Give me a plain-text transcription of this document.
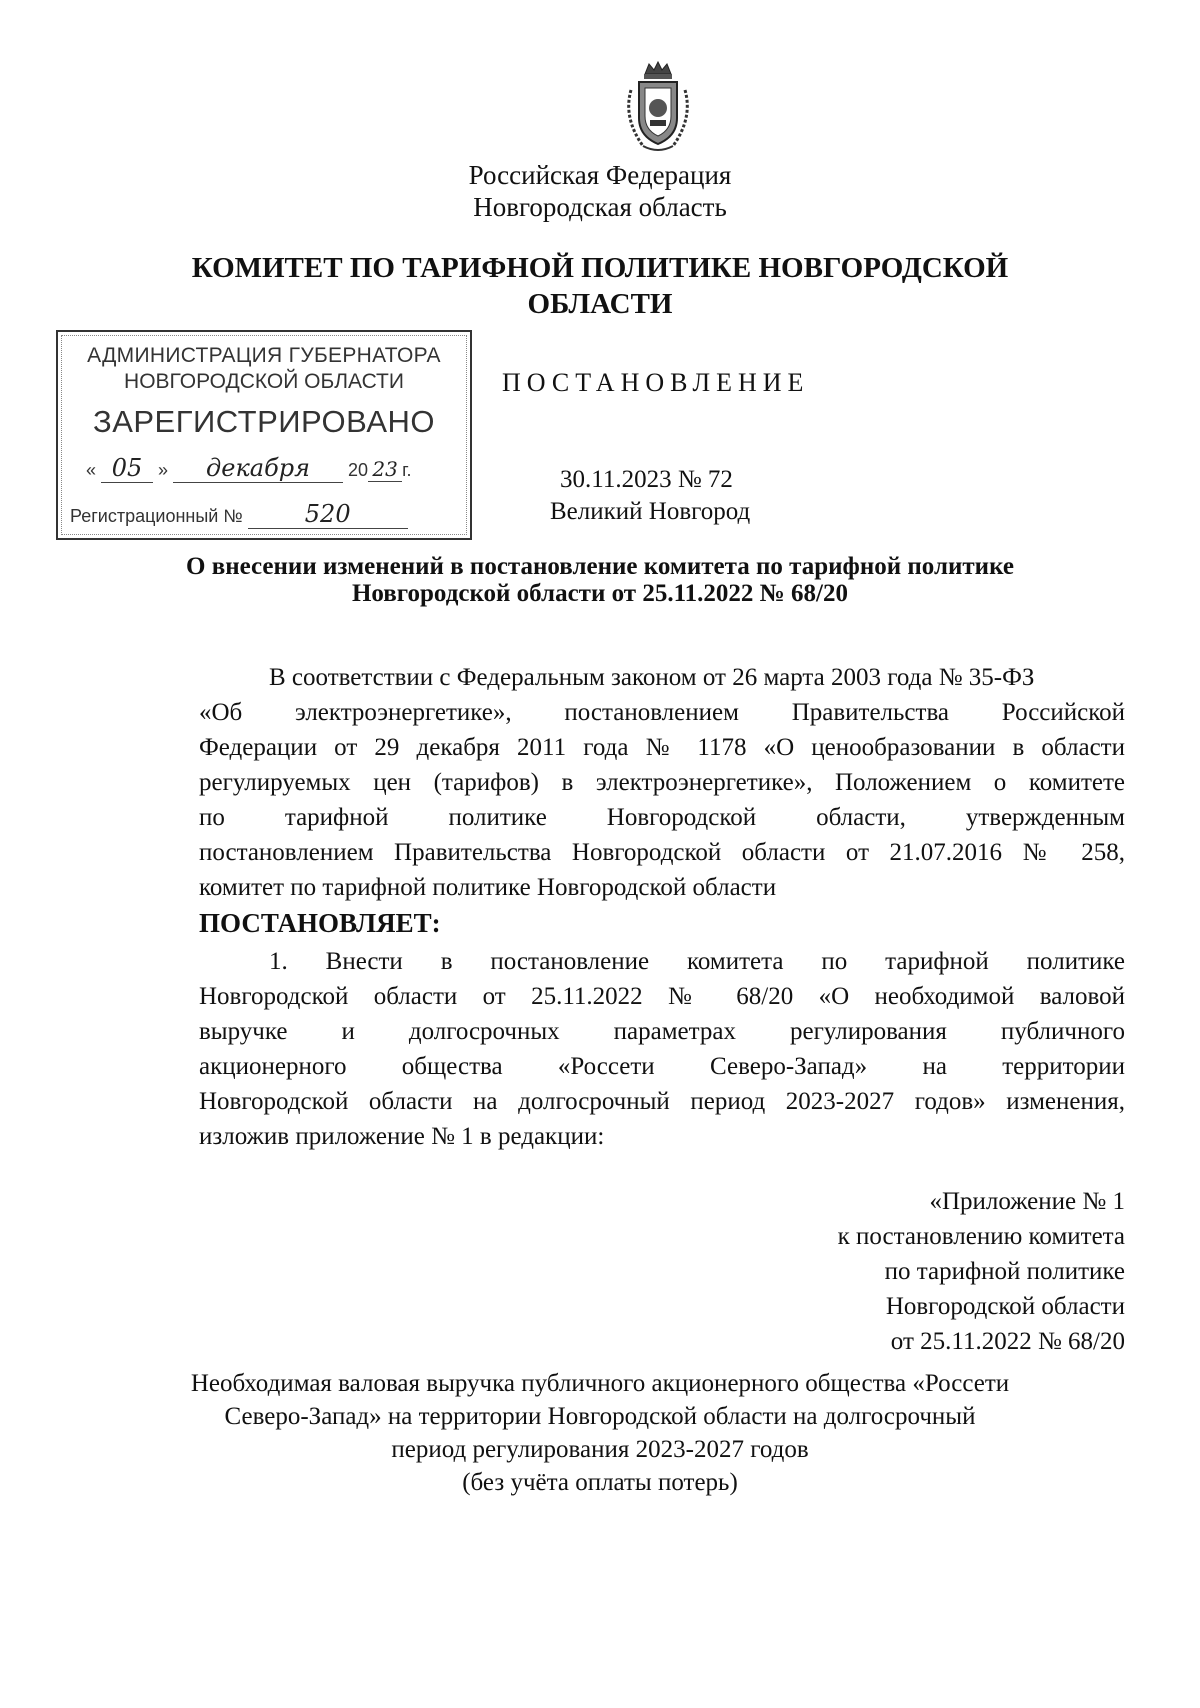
Российская Федерация
Новгородская область
КОМИТЕТ ПО ТАРИФНОЙ ПОЛИТИКЕ НОВГОРОДСКОЙ
ОБЛАСТИ
АДМИНИСТРАЦИЯ ГУБЕРНАТОРА
НОВГОРОДСКОЙ ОБЛАСТИ
ЗАРЕГИСТРИРОВАНО
« 05 » декабря 20 23 г.
Регистрационный №	520
ПОСТАНОВЛЕНИЕ
30.11.2023 № 72
Великий Новгород
О внесении изменений в постановление комитета по тарифной политике
Новгородской области от 25.11.2022 № 68/20
В соответствии с Федеральным законом от 26 марта 2003 года № 35-ФЗ
«Об электроэнергетике», постановлением Правительства Российской
Федерации от 29 декабря 2011 года № 1178 «О ценообразовании в области
регулируемых цен (тарифов) в электроэнергетике», Положением о комитете
по тарифной политике Новгородской области, утвержденным
постановлением Правительства Новгородской области от 21.07.2016 № 258,
комитет по тарифной политике Новгородской области
ПОСТАНОВЛЯЕТ:
1. Внести в постановление комитета по тарифной политике
Новгородской области от 25.11.2022 № 68/20 «О необходимой валовой
выручке и долгосрочных параметрах регулирования публичного
акционерного общества «Россети Северо-Запад» на территории
Новгородской области на долгосрочный период 2023-2027 годов» изменения,
изложив приложение № 1 в редакции:
«Приложение № 1
к постановлению комитета
по тарифной политике
Новгородской области
от 25.11.2022 № 68/20
Необходимая валовая выручка публичного акционерного общества «Россети
Северо-Запад» на территории Новгородской области на долгосрочный
период регулирования 2023-2027 годов
(без учёта оплаты потерь)
